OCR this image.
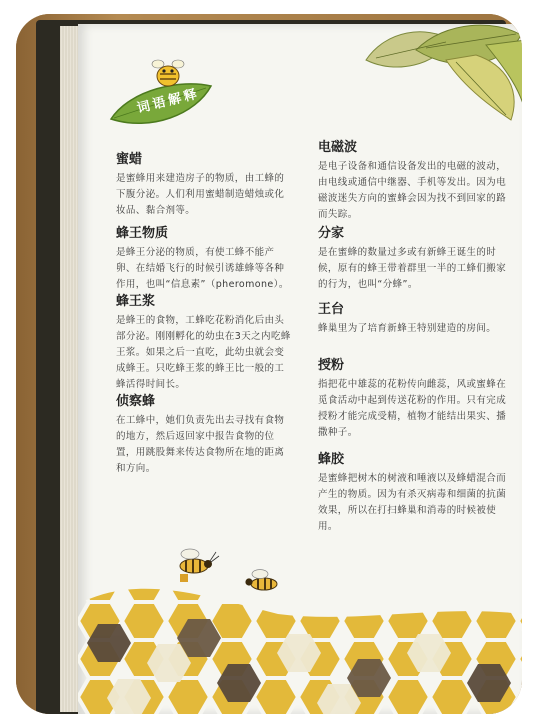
词语解释
蜜蜡

是蜜蜂用来建造房子的物质，由工蜂的下腹分泌。人们利用蜜蜡制造蜡烛或化妆品、黏合剂等。

蜂王物质

是蜂王分泌的物质，有使工蜂不能产卵、在结婚飞行的时候引诱雄蜂等各种作用，也叫“信息素”（pheromone）。

蜂王浆

是蜂王的食物，工蜂吃花粉消化后由头部分泌。刚刚孵化的幼虫在3天之内吃蜂王浆。如果之后一直吃，此幼虫就会变成蜂王。只吃蜂王浆的蜂王比一般的工蜂活得时间长。

侦察蜂

在工蜂中，她们负责先出去寻找有食物的地方，然后返回家中报告食物的位置，用跳股舞来传达食物所在地的距离和方向。

电磁波

是电子设备和通信设备发出的电磁的波动，由电线或通信中继器、手机等发出。因为电磁波迷失方向的蜜蜂会因为找不到回家的路而失踪。

分家

是在蜜蜂的数量过多或有新蜂王诞生的时候，原有的蜂王带着群里一半的工蜂们搬家的行为，也叫“分蜂”。

王台

蜂巢里为了培育新蜂王特别建造的房间。

授粉

指把花中雄蕊的花粉传向雌蕊，风或蜜蜂在觅食活动中起到传送花粉的作用。只有完成授粉才能完成受精，植物才能结出果实、播撒种子。

蜂胶

是蜜蜂把树木的树液和唾液以及蜂蜡混合而产生的物质。因为有杀灭病毒和细菌的抗菌效果，所以在打扫蜂巢和消毒的时候被使用。
